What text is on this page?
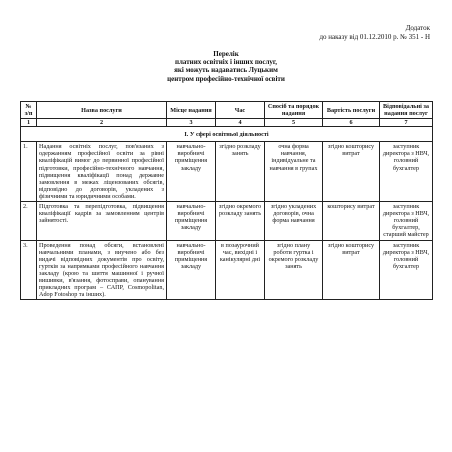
Додаток
до наказу від 01.12.2010 р. № 351 - Н
Перелік
платних освітніх і інших послуг,
які можуть надаватись Луцьким
центром професійно-технічної освіти
№ з/п	Назва послуги	Місце надання	Час	Спосіб та порядок надання	Вартість послуги	Відповідальні за надання послуг
1	2	3	4	5	6	7
І. У сфері освітньої діяльності						
1.	Надання освітніх послуг, пов'язаних з одержанням професійної освіти за рівні кваліфікацій вимог до первинної професійної підготовки, професійно-технічного навчання, підвищення кваліфікації понад державне замовлення в межах ліцензованих обсягів, відповідно до договорів, укладених з фізичними та юридичними особами.	навчально-виробничі приміщення закладу	згідно розкладу занять	очна форма навчання, індивідуальне та навчання в групах	згідно кошторису витрат	заступник директора з НВЧ, головний бухгалтер
2.	Підготовка та перепідготовка, підвищення кваліфікації кадрів за замовленням центрів зайнятості.	навчально-виробничі приміщення закладу	згідно окремого розкладу занять	згідно укладених договорів, очна форма навчання	кошторису витрат	заступник директора з НВЧ, головний бухгалтер, старший майстер
3.	Проведення понад обсяги, встановлені навчальними планами, з виучено або без видачі відповідних документів про освіту, гуртків за напрямками професійного навчання закладу (крою та шиття машинної і ручної вишивки, в'язання, фотосправи, опанування прикладних програм – САПР, Cosmopolitan, Adop Fotoshop та інших).	навчально-виробничі приміщення закладу	в позаурочний час, вихідні і канікулярні дні	згідно плану роботи гуртка і окремого розкладу занять	згідно кошторису витрат	заступник директора з НВЧ, головний бухгалтер
